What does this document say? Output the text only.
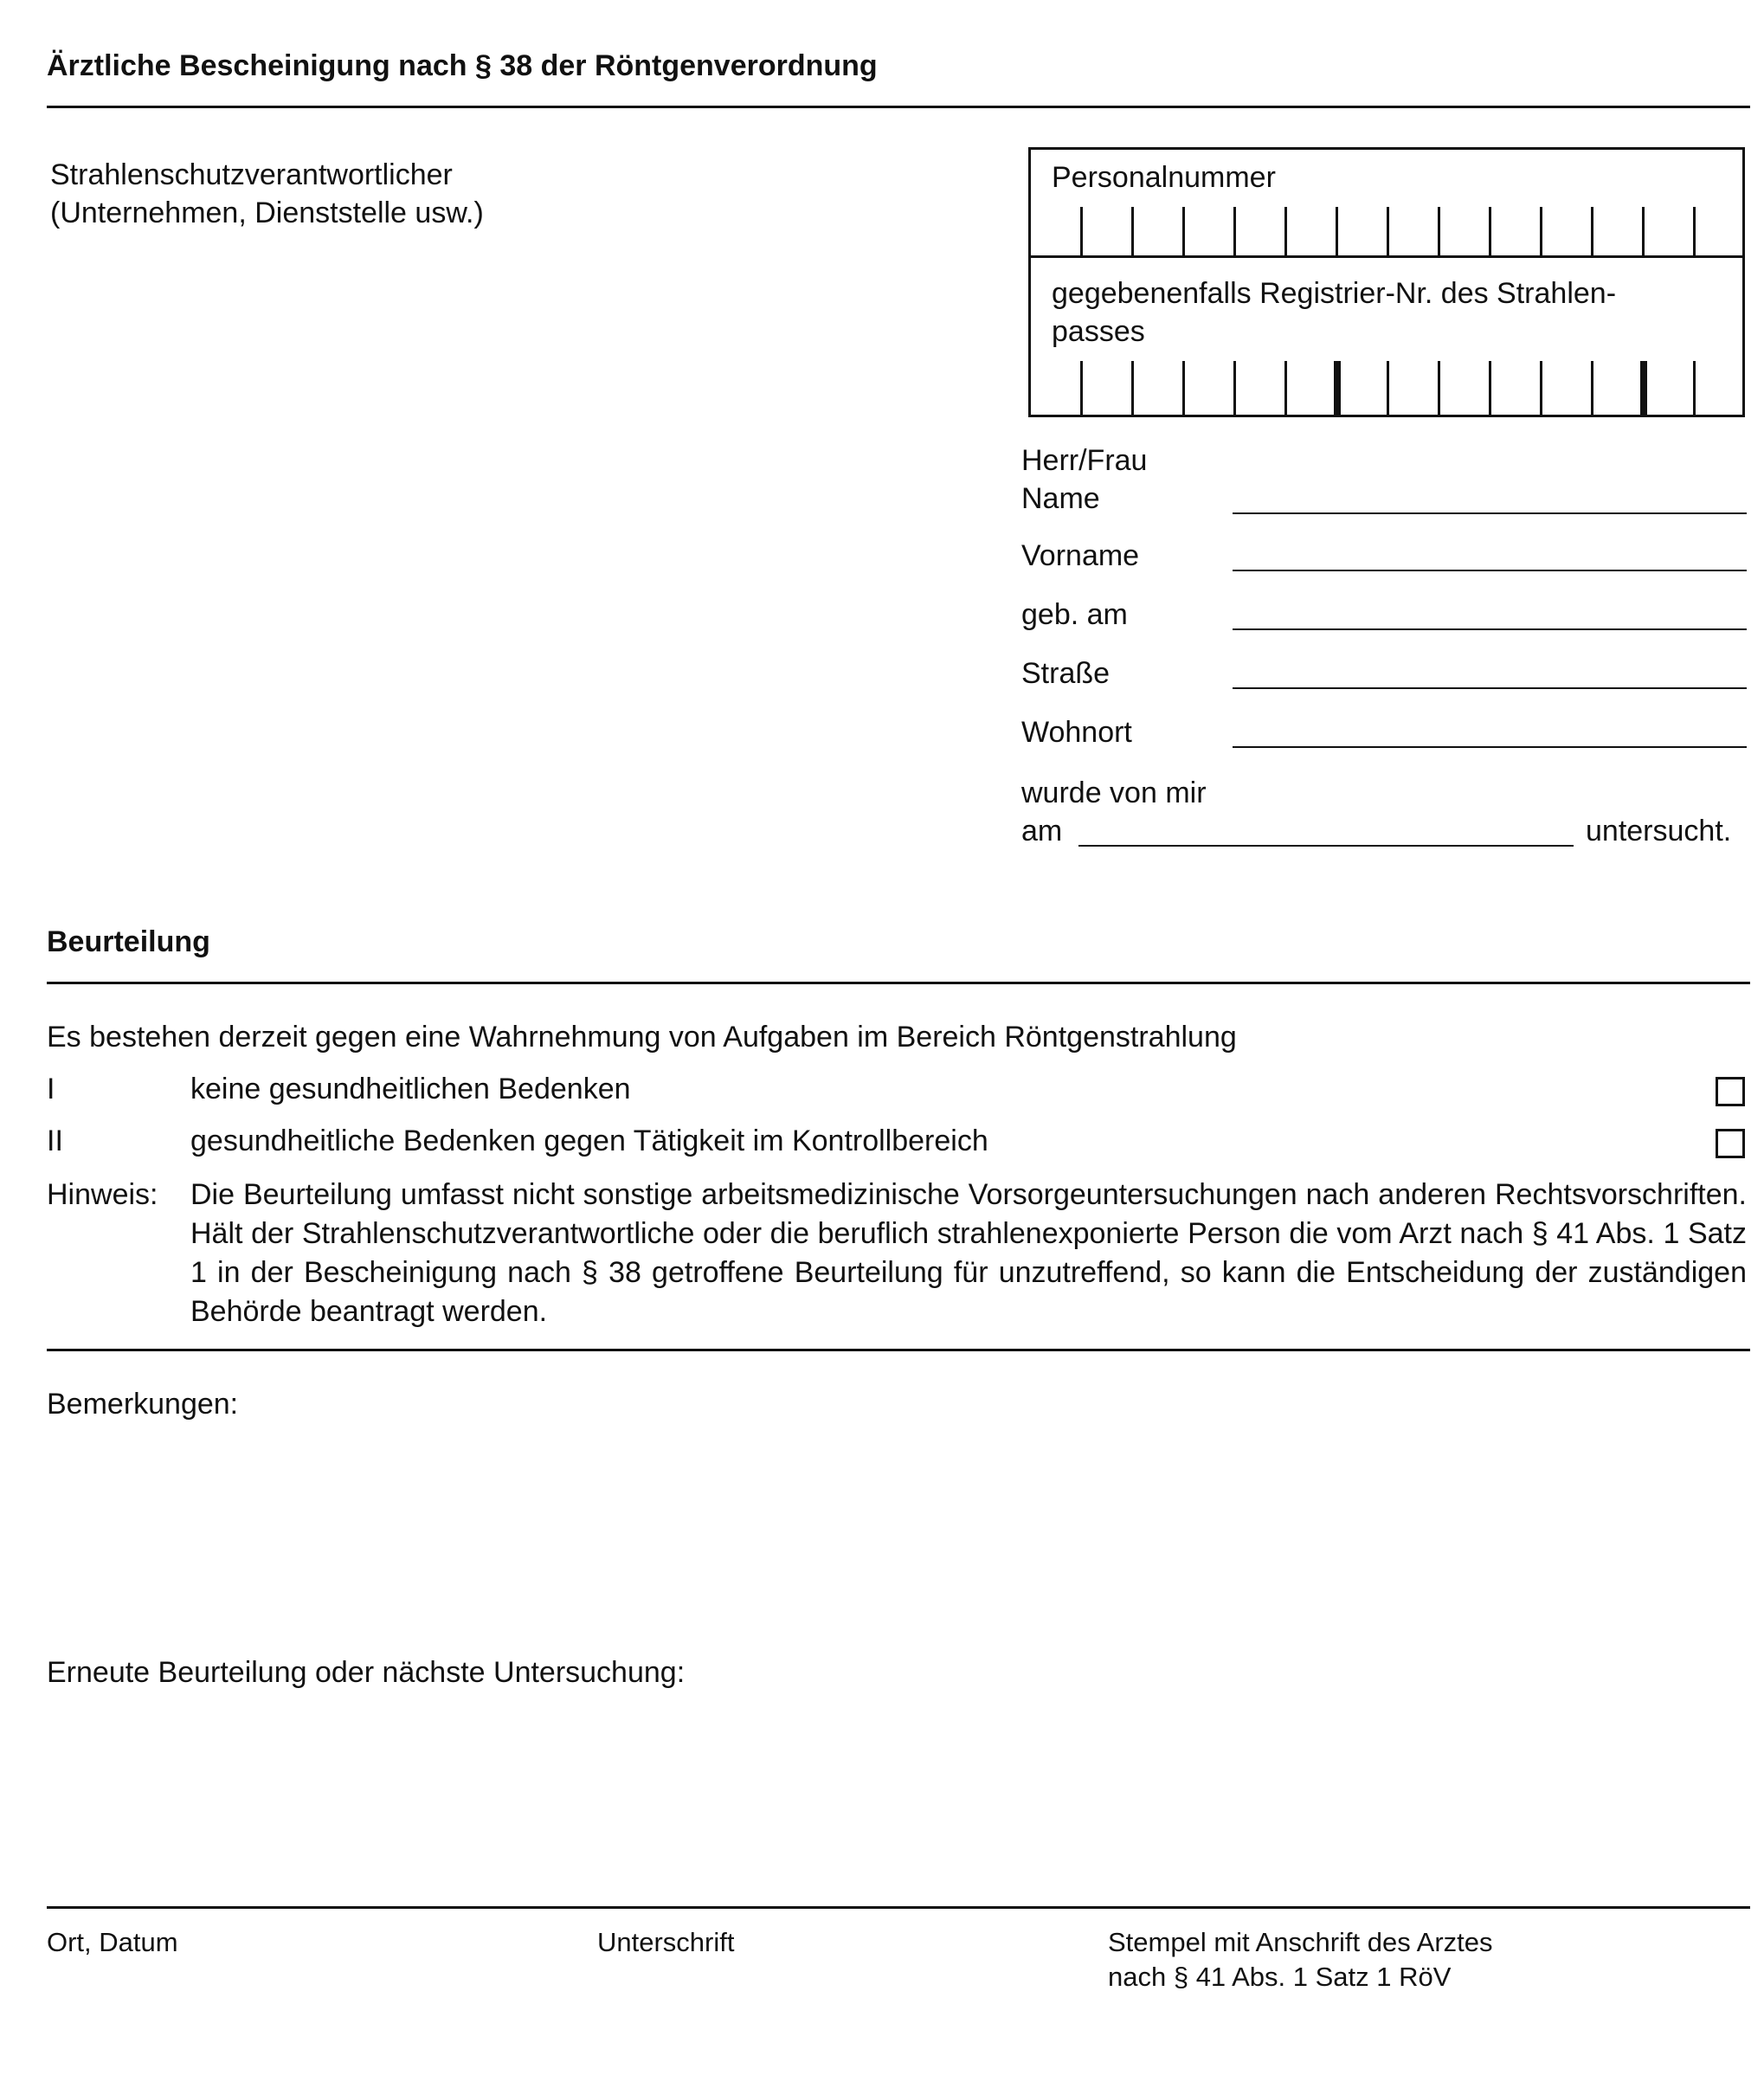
Ärztliche Bescheinigung nach § 38 der Röntgenverordnung
Strahlenschutzverantwortlicher
(Unternehmen, Dienststelle usw.)
Personalnummer
gegebenenfalls Registrier-Nr. des Strahlen-
passes
Herr/Frau
Name
Vorname
geb. am
Straße
Wohnort
wurde von mir
am	untersucht.
Beurteilung
Es bestehen derzeit gegen eine Wahrnehmung von Aufgaben im Bereich Röntgenstrahlung
I	keine gesundheitlichen Bedenken
II	gesundheitliche Bedenken gegen Tätigkeit im Kontrollbereich
Hinweis: Die Beurteilung umfasst nicht sonstige arbeitsmedizinische Vorsorgeuntersuchungen nach anderen Rechtsvorschriften. Hält der Strahlenschutzverantwortliche oder die beruflich strahlenexponierte Person die vom Arzt nach § 41 Abs. 1 Satz 1 in der Bescheinigung nach § 38 getroffene Beurteilung für unzutreffend, so kann die Entscheidung der zuständigen Behörde beantragt werden.
Bemerkungen:
Erneute Beurteilung oder nächste Untersuchung:
Ort, Datum	Unterschrift	Stempel mit Anschrift des Arztes
nach § 41 Abs. 1 Satz 1 RöV
